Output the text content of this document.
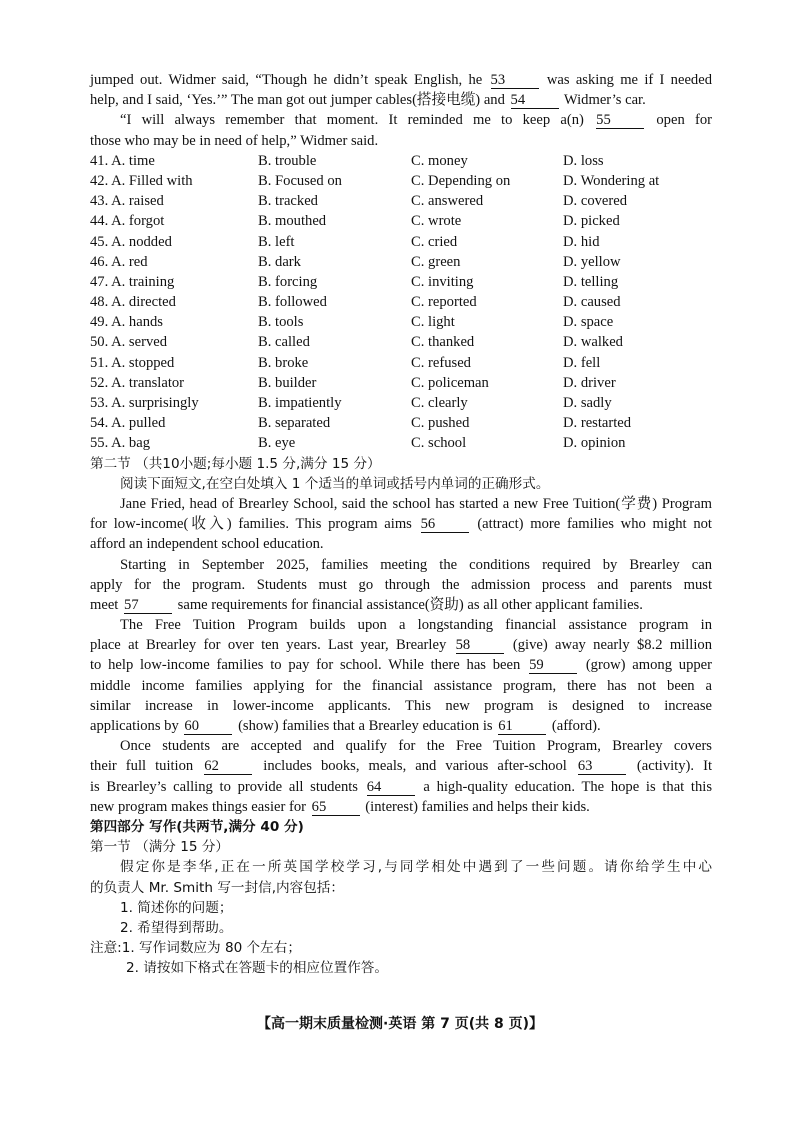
jumped out. Widmer said, “Though he didn’t speak English, he 53 was asking me if I needed
help, and I said, ‘Yes.’” The man got out jumper cables(搭接电缆) and 54 Widmer’s car.
“I will always remember that moment. It reminded me to keep a(n) 55 open for
those who may be in need of help,” Widmer said.
41. A. time	B. trouble	C. money	D. loss
42. A. Filled with	B. Focused on	C. Depending on	D. Wondering at
43. A. raised	B. tracked	C. answered	D. covered
44. A. forgot	B. mouthed	C. wrote	D. picked
45. A. nodded	B. left	C. cried	D. hid
46. A. red	B. dark	C. green	D. yellow
47. A. training	B. forcing	C. inviting	D. telling
48. A. directed	B. followed	C. reported	D. caused
49. A. hands	B. tools	C. light	D. space
50. A. served	B. called	C. thanked	D. walked
51. A. stopped	B. broke	C. refused	D. fell
52. A. translator	B. builder	C. policeman	D. driver
53. A. surprisingly	B. impatiently	C. clearly	D. sadly
54. A. pulled	B. separated	C. pushed	D. restarted
55. A. bag	B. eye	C. school	D. opinion
第二节 （共10小题;每小题 1.5 分,满分 15 分）
阅读下面短文,在空白处填入 1 个适当的单词或括号内单词的正确形式。
Jane Fried, head of Brearley School, said the school has started a new Free Tuition(学费) Program
for low-income(收入) families. This program aims 56 (attract) more families who might not
afford an independent school education.
Starting in September 2025, families meeting the conditions required by Brearley can
apply for the program. Students must go through the admission process and parents must
meet 57 same requirements for financial assistance(资助) as all other applicant families.
The Free Tuition Program builds upon a longstanding financial assistance program in
place at Brearley for over ten years. Last year, Brearley 58 (give) away nearly $8.2 million
to help low-income families to pay for school. While there has been 59 (grow) among upper
middle income families applying for the financial assistance program, there has not been a
similar increase in lower-income applicants. This new program is designed to increase
applications by 60 (show) families that a Brearley education is 61 (afford).
Once students are accepted and qualify for the Free Tuition Program, Brearley covers
their full tuition 62 includes books, meals, and various after-school 63 (activity). It
is Brearley’s calling to provide all students 64 a high-quality education. The hope is that this
new program makes things easier for 65 (interest) families and helps their kids.
第四部分 写作(共两节,满分 40 分)
第一节 （满分 15 分）
假定你是李华,正在一所英国学校学习,与同学相处中遇到了一些问题。请你给学生中心
的负责人 Mr. Smith 写一封信,内容包括：
1. 简述你的问题；
2. 希望得到帮助。
注意:1. 写作词数应为 80 个左右；
2. 请按如下格式在答题卡的相应位置作答。
【高一期末质量检测·英语 第 7 页(共 8 页)】
